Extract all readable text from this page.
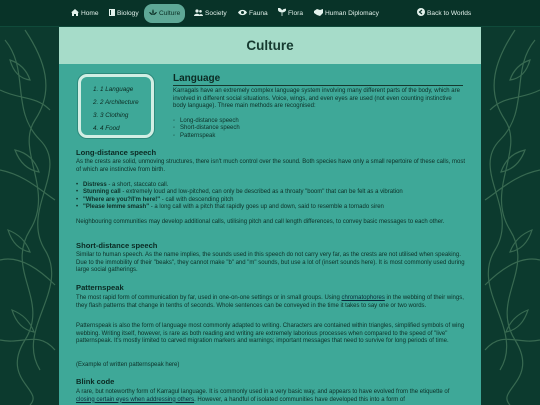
Home	Biology	Culture	Society	Fauna	Flora	Human Diplomacy	Back to Worlds
Culture
1. 1 Language
2. 2 Architecture
3. 3 Clothing
4. 4 Food
Language
Karragals have an extremely complex language system involving many different parts of the body, which are involved in different social situations. Voice, wings, and even eyes are used (not even counting instinctive body language). Three main methods are recognised:
◦ Long-distance speech
◦ Short-distance speech
◦ Patternspeak
Long-distance speech
As the crests are solid, unmoving structures, there isn't much control over the sound. Both species have only a small repertoire of these calls, most of which are instinctive from birth.
• Distress - a short, staccato call.
• Stunning call - extremely loud and low-pitched, can only be described as a throaty "boom" that can be felt as a vibration
• "Where are you?/I'm here!" - call with descending pitch
• "Please lemme smash" - a long call with a pitch that rapidly goes up and down, said to resemble a tornado siren
Neighbouring communities may develop additional calls, utilising pitch and call length differences, to convey basic messages to each other.
Short-distance speech
Similar to human speech. As the name implies, the sounds used in this speech do not carry very far, as the crests are not utilised when speaking. Due to the immobility of their "beaks", they cannot make "b" and "m" sounds, but use a lot of (insert sounds here). It is most commonly used during large social gatherings.
Patternspeak
The most rapid form of communication by far, used in one-on-one settings or in small groups. Using chromatophores in the webbing of their wings, they flash patterns that change in tenths of seconds. Whole sentences can be conveyed in the time it takes to say one or two words.
Patternspeak is also the form of language most commonly adapted to writing. Characters are contained within triangles, simplified symbols of wing webbing. Writing itself, however, is rare as both reading and writing are extremely laborious processes when compared to the speed of "live" patternspeak. It's mostly limited to carved migration markers and warnings; important messages that need to survive for long periods of time.
(Example of written patternspeak here)
Blink code
A rare, but noteworthy form of Karragul language. It is commonly used in a very basic way, and appears to have evolved from the etiquette of closing certain eyes when addressing others. However, a handful of isolated communities have developed this into a form of
